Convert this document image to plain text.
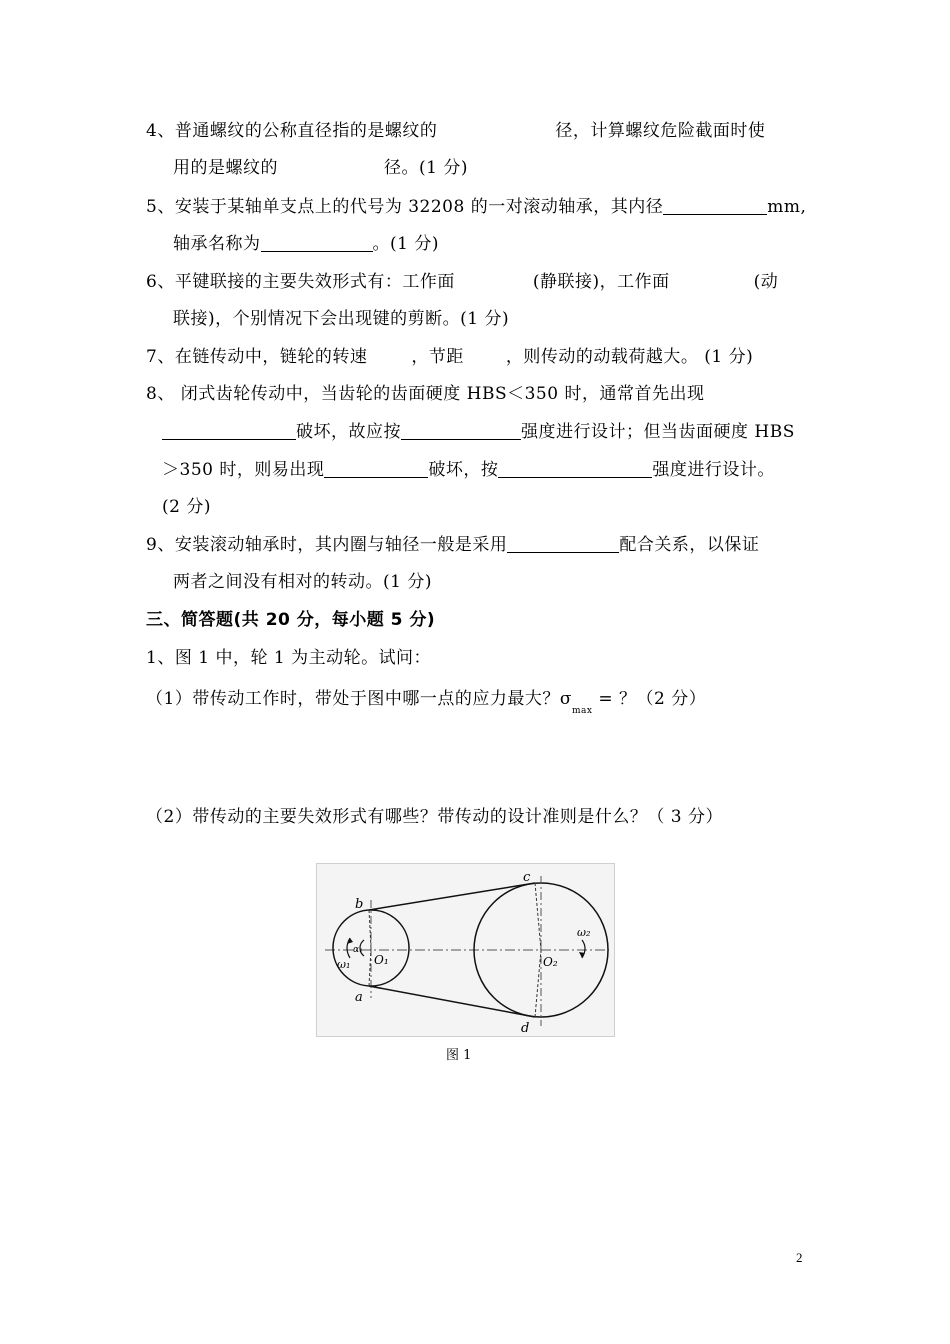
4、普通螺纹的公称直径指的是螺纹的	径，计算螺纹危险截面时使
用的是螺纹的	径。(1 分)
5、安装于某轴单支点上的代号为 32208 的一对滚动轴承，其内径	mm,
轴承名称为	。(1 分)
6、平键联接的主要失效形式有：工作面	(静联接)，工作面	(动
联接)，个别情况下会出现键的剪断。(1 分)
7、在链传动中，链轮的转速	，节距 ，则传动的动载荷越大。 (1 分)
8、 闭式齿轮传动中，当齿轮的齿面硬度 HBS＜350 时，通常首先出现
破坏，故应按	强度进行设计；但当齿面硬度 HBS
＞350 时，则易出现	破坏，按	强度进行设计。
(2 分)
9、安装滚动轴承时，其内圈与轴径一般是采用	配合关系，以保证
两者之间没有相对的转动。(1 分)
三、简答题(共 20 分，每小题 5 分)
1、图 1 中，轮 1 为主动轮。试问：
（1）带传动工作时，带处于图中哪一点的应力最大？$\sigma_{max}$ = ？（2 分）
（2）带传动的主要失效形式有哪些？带传动的设计准则是什么？（ 3 分）
b
a
c
d
O₁	O₂
ω₁
ω₂
α₁
图 1
2
